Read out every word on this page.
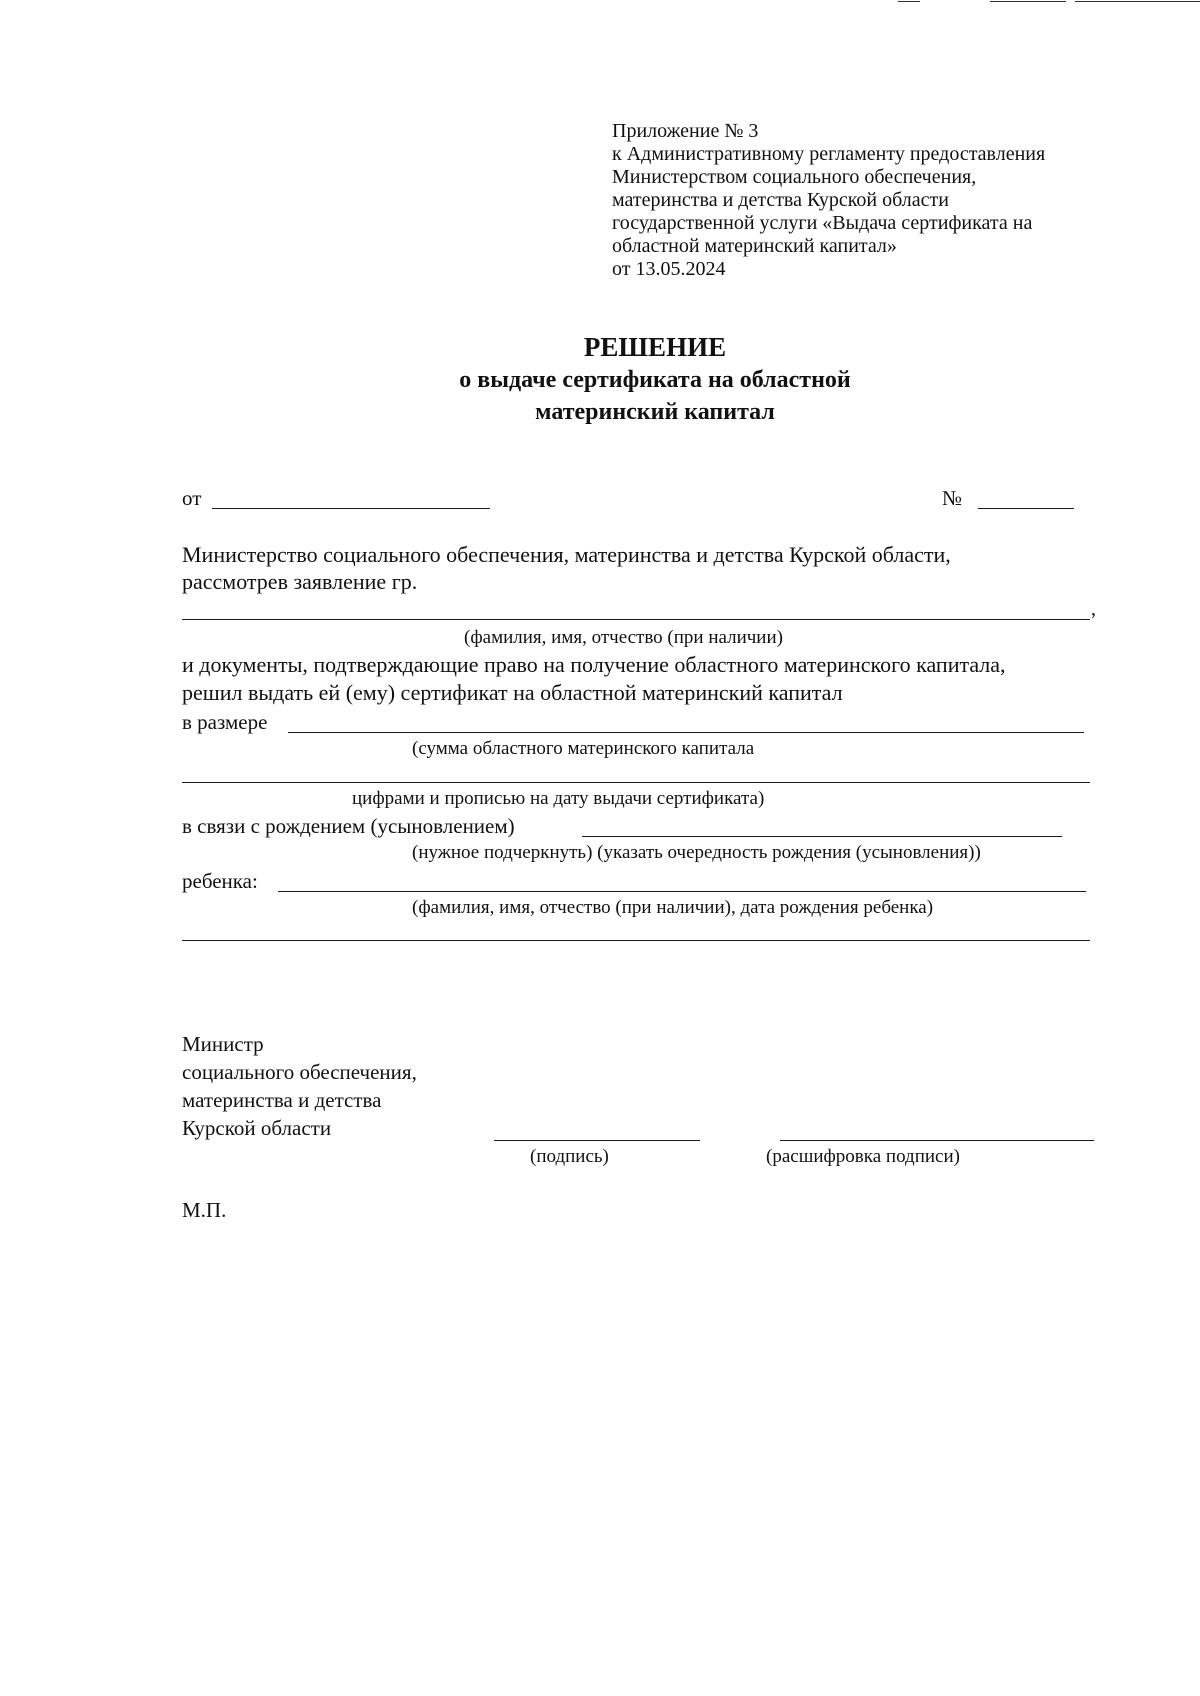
Приложение № 3
к Административному регламенту предоставления
Министерством социального обеспечения,
материнства и детства Курской области
государственной услуги «Выдача сертификата на
областной материнский капитал»
от 13.05.2024
РЕШЕНИЕ
о выдаче сертификата на областной
материнский капитал
от	№
Министерство социального обеспечения, материнства и детства Курской области,
рассмотрев заявление гр.
,
(фамилия, имя, отчество (при наличии)
и документы, подтверждающие право на получение областного материнского капитала,
решил выдать ей (ему) сертификат на областной материнский капитал
в размере
(сумма областного материнского капитала
цифрами и прописью на дату выдачи сертификата)
в связи с рождением (усыновлением)
(нужное подчеркнуть) (указать очередность рождения (усыновления))
ребенка:
(фамилия, имя, отчество (при наличии), дата рождения ребенка)
Министр
социального обеспечения,
материнства и детства
Курской области
(подпись)	(расшифровка подписи)
М.П.
